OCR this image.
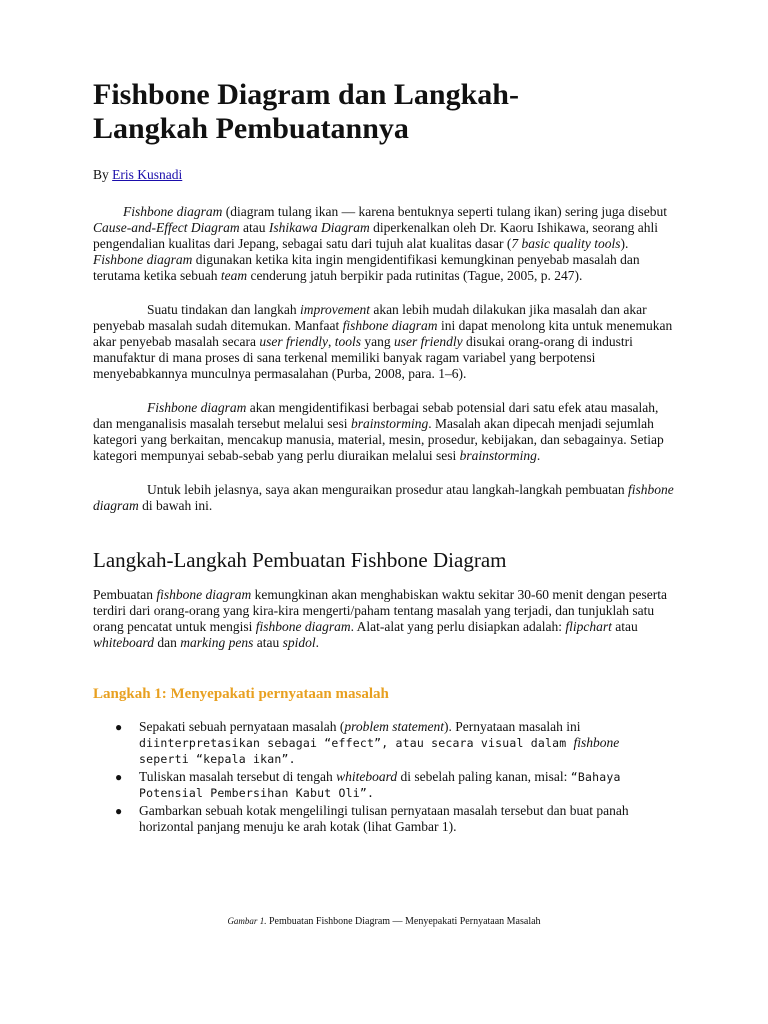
Fishbone Diagram dan Langkah-
Langkah Pembuatannya
By Eris Kusnadi

Fishbone diagram (diagram tulang ikan — karena bentuknya seperti tulang ikan) sering juga disebut Cause-and-Effect Diagram atau Ishikawa Diagram diperkenalkan oleh Dr. Kaoru Ishikawa, seorang ahli pengendalian kualitas dari Jepang, sebagai satu dari tujuh alat kualitas dasar (7 basic quality tools). Fishbone diagram digunakan ketika kita ingin mengidentifikasi kemungkinan penyebab masalah dan terutama ketika sebuah team cenderung jatuh berpikir pada rutinitas (Tague, 2005, p. 247).

Suatu tindakan dan langkah improvement akan lebih mudah dilakukan jika masalah dan akar penyebab masalah sudah ditemukan. Manfaat fishbone diagram ini dapat menolong kita untuk menemukan akar penyebab masalah secara user friendly, tools yang user friendly disukai orang-orang di industri manufaktur di mana proses di sana terkenal memiliki banyak ragam variabel yang berpotensi menyebabkannya munculnya permasalahan (Purba, 2008, para. 1–6).

Fishbone diagram akan mengidentifikasi berbagai sebab potensial dari satu efek atau masalah, dan menganalisis masalah tersebut melalui sesi brainstorming. Masalah akan dipecah menjadi sejumlah kategori yang berkaitan, mencakup manusia, material, mesin, prosedur, kebijakan, dan sebagainya. Setiap kategori mempunyai sebab-sebab yang perlu diuraikan melalui sesi brainstorming.

Untuk lebih jelasnya, saya akan menguraikan prosedur atau langkah-langkah pembuatan fishbone diagram di bawah ini.

Langkah-Langkah Pembuatan Fishbone Diagram

Pembuatan fishbone diagram kemungkinan akan menghabiskan waktu sekitar 30-60 menit dengan peserta terdiri dari orang-orang yang kira-kira mengerti/paham tentang masalah yang terjadi, dan tunjuklah satu orang pencatat untuk mengisi fishbone diagram. Alat-alat yang perlu disiapkan adalah: flipchart atau whiteboard dan marking pens atau spidol.

Langkah 1: Menyepakati pernyataan masalah
● Sepakati sebuah pernyataan masalah (problem statement). Pernyataan masalah ini diinterpretasikan sebagai “effect”, atau secara visual dalam fishbone seperti “kepala ikan”.
● Tuliskan masalah tersebut di tengah whiteboard di sebelah paling kanan, misal: “Bahaya Potensial Pembersihan Kabut Oli”.
● Gambarkan sebuah kotak mengelilingi tulisan pernyataan masalah tersebut dan buat panah horizontal panjang menuju ke arah kotak (lihat Gambar 1).
Gambar 1. Pembuatan Fishbone Diagram — Menyepakati Pernyataan Masalah
